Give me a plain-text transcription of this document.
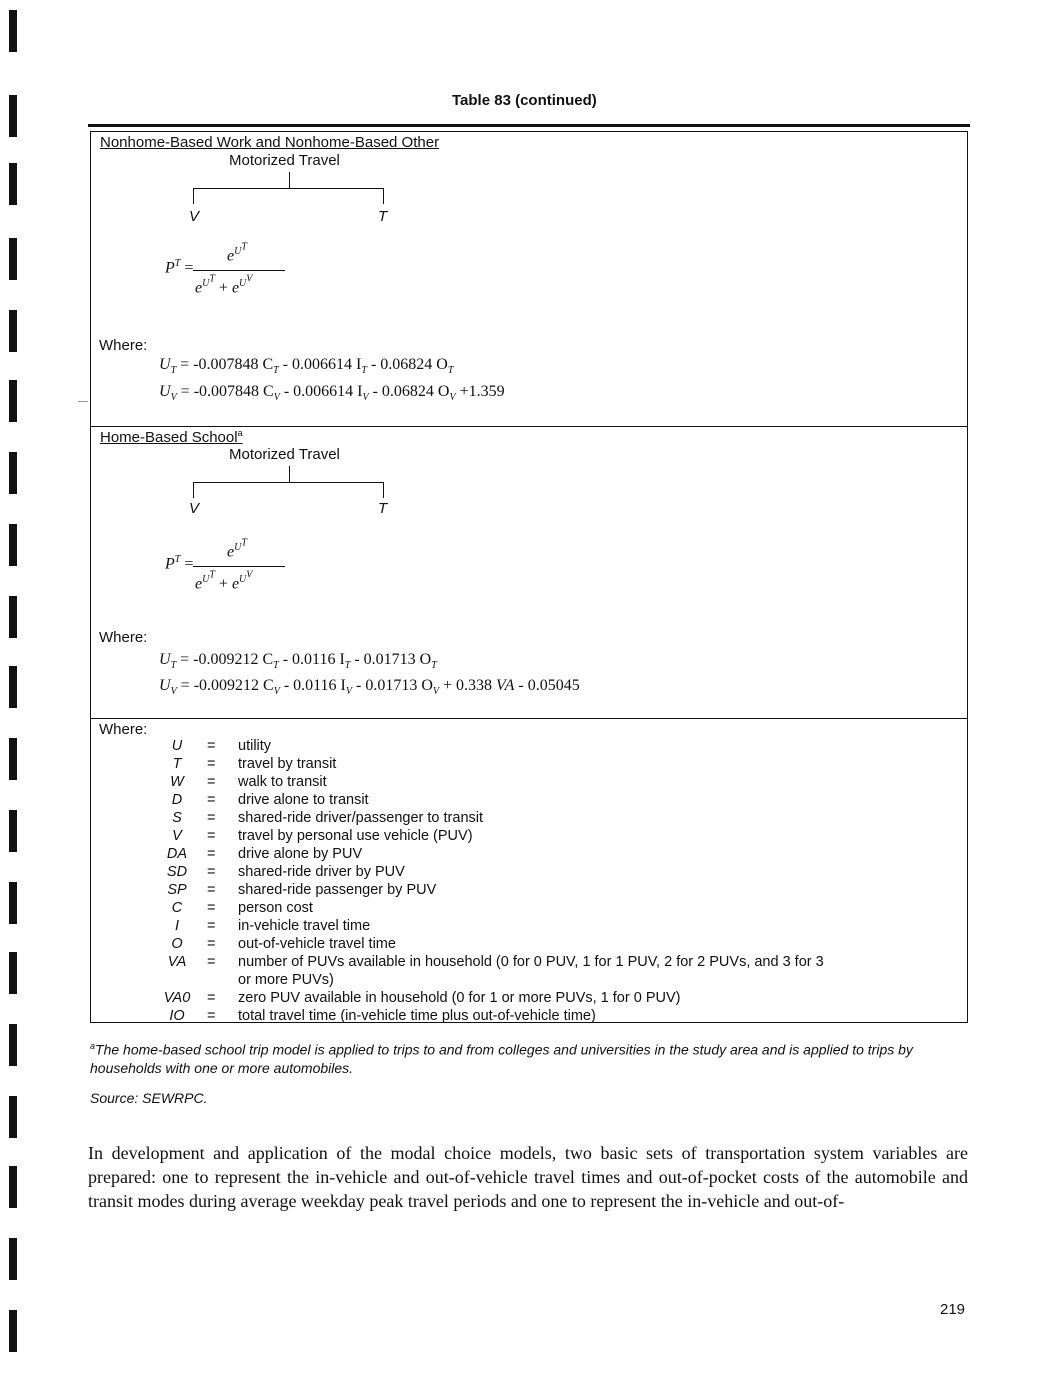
Table 83 (continued)
Nonhome-Based Work and Nonhome-Based Other
Motorized Travel
V	T
$P^T$ =
$e^{U^T}$
$e^{U^T} + e^{U^V}$
Where:
$U_T = -0.007848$ $C_T - 0.006614$ $I_T - 0.06824$ $O_T$
$U_V = -0.007848$ $C_V - 0.006614$ $I_V - 0.06824$ $O_V +1.359$
Home-Based School$^a$
Motorized Travel
V	T
$P^T$ =
$e^{U^T}$
$e^{U^T} + e^{U^V}$
Where:
$U_T = -0.009212$ $C_T - 0.0116$ $I_T - 0.01713$ $O_T$
$U_V = -0.009212$ $C_V - 0.0116$ $I_V - 0.01713$ $O_V + 0.338$ VA - 0.05045
Where:
U	= utility
T	= travel by transit
W	= walk to transit
D	= drive alone to transit
S	= shared-ride driver/passenger to transit
V	= travel by personal use vehicle (PUV)
DA	= drive alone by PUV
SD	= shared-ride driver by PUV
SP	= shared-ride passenger by PUV
C	= person cost
I	= in-vehicle travel time
O	= out-of-vehicle travel time
VA	= number of PUVs available in household (0 for 0 PUV, 1 for 1 PUV, 2 for 2 PUVs, and 3 for 3
or more PUVs)
VA0	= zero PUV available in household (0 for 1 or more PUVs, 1 for 0 PUV)
IO	= total travel time (in-vehicle time plus out-of-vehicle time)
$^a$The home-based school trip model is applied to trips to and from colleges and universities in the study area and is applied to trips by households with one or more automobiles.
Source: SEWRPC.
In development and application of the modal choice models, two basic sets of transportation system variables are prepared: one to represent the in-vehicle and out-of-vehicle travel times and out-of-pocket costs of the automobile and transit modes during average weekday peak travel periods and one to represent the in-vehicle and out-of-
219
